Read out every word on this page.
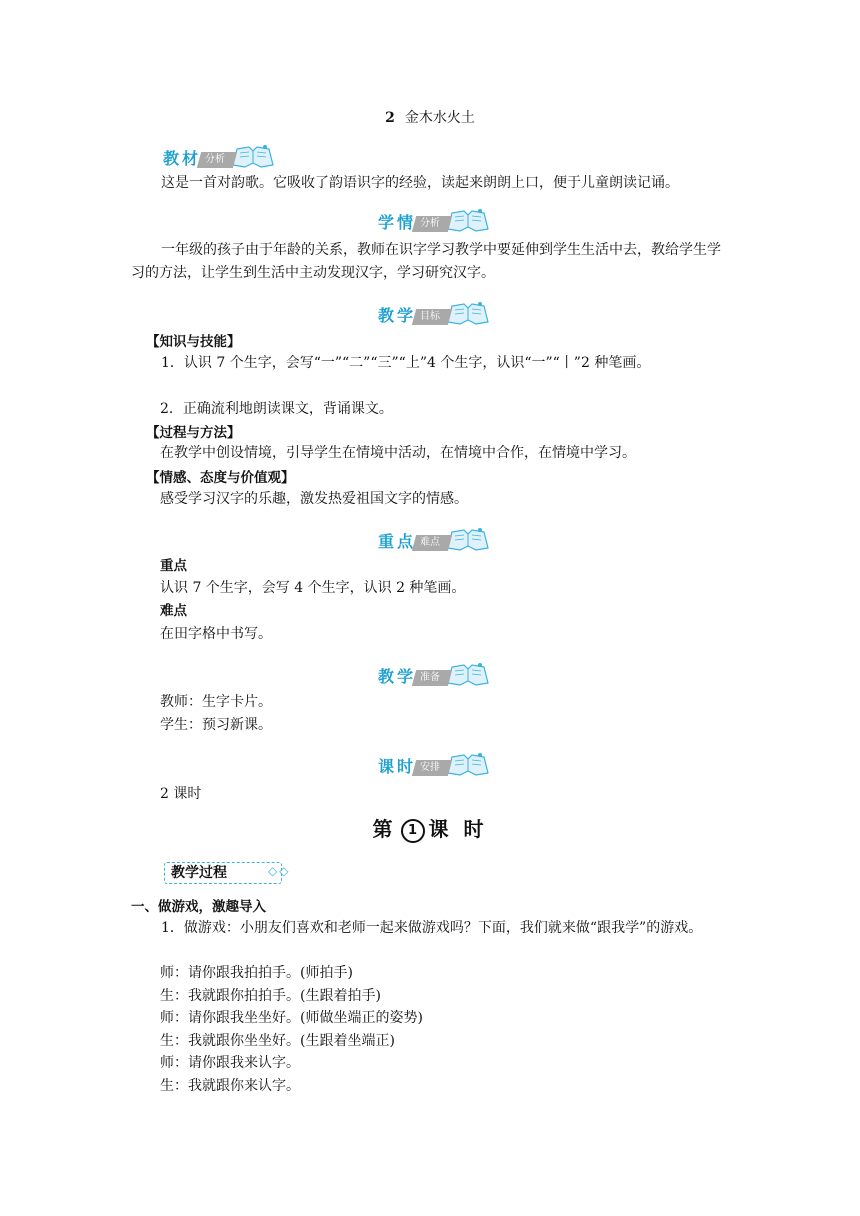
2 金木水火土
教材 分析
这是一首对韵歌。它吸收了韵语识字的经验，读起来朗朗上口，便于儿童朗读记诵。
学情 分析
一年级的孩子由于年龄的关系，教师在识字学习教学中要延伸到学生生活中去，教给学生学习的方法，让学生到生活中主动发现汉字，学习研究汉字。
教学 目标
【知识与技能】
1．认识 7 个生字，会写“一”“二”“三”“上”4 个生字，认识“一”“丨”2 种笔画。
2．正确流利地朗读课文，背诵课文。
【过程与方法】
在教学中创设情境，引导学生在情境中活动，在情境中合作，在情境中学习。
【情感、态度与价值观】
感受学习汉字的乐趣，激发热爱祖国文字的情感。
重点 难点
重点
认识 7 个生字，会写 4 个生字，认识 2 种笔画。
难点
在田字格中书写。
教学 准备
教师：生字卡片。
学生：预习新课。
课时 安排
2 课时
第 1 课 时
教学过程	◇◇
一、做游戏，激趣导入
1．做游戏：小朋友们喜欢和老师一起来做游戏吗？下面，我们就来做“跟我学”的游戏。
师：请你跟我拍拍手。(师拍手)
生：我就跟你拍拍手。(生跟着拍手)
师：请你跟我坐坐好。(师做坐端正的姿势)
生：我就跟你坐坐好。(生跟着坐端正)
师：请你跟我来认字。
生：我就跟你来认字。
